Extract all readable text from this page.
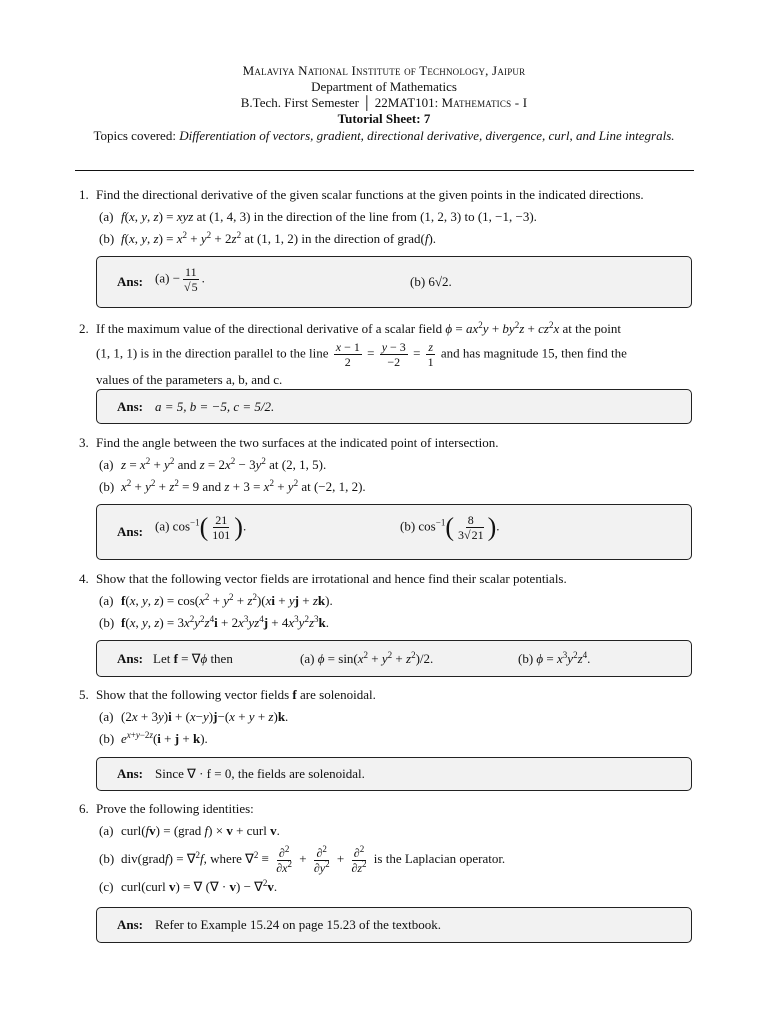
Malaviya National Institute of Technology, Jaipur
Department of Mathematics
B.Tech. First Semester │ 22MAT101: Mathematics - I
Tutorial Sheet: 7
Topics covered: Differentiation of vectors, gradient, directional derivative, divergence, curl, and Line integrals.
1. Find the directional derivative of the given scalar functions at the given points in the indicated directions.
(a) f(x, y, z) = xyz at (1, 4, 3) in the direction of the line from (1, 2, 3) to (1, −1, −3).
(b) f(x, y, $z) = x^2 + y^2 + 2z^2$ at (1, 1, 2) in the direction of grad(f).
Ans: $(a) - \frac{11}{√5}$ .	(b) 6√2.
2. If the maximum value of the directional derivative of a scalar field $\phi = ax^2y + by^2z + cz^2x$ at the point
(1, 1, 1) is in the direction parallel to the line $\frac{x - 1}{2} = \frac{y - 3}{-2} = \frac{z}{1}$ and has magnitude 15, then find the
values of the parameters a, b, and c.
Ans: a = 5, b = −5, c = 5/2.
3. Find the angle between the two surfaces at the indicated point of intersection.
(a) $z = x^2 + y^2$ and $z = 2x^2 - 3y^2$ at (2, 1, 5).
(b) $x^2 + y^2 + z^2 = 9$ and $z + 3 = x^2 + y^2$ at (−2, 1, 2).
Ans: (a) $\cos^{-1}( \frac{21}{101}$ ).	(b) $\cos^{-1}( \frac{8}{3√21}$ ).
4. Show that the following vector fields are irrotational and hence find their scalar potentials.
(a) f(x, y, $z) = \cos(x^2 + y^2 + z^2)(xi$ + yj + zk).
(b) f(x, y, $z) = 3x^2y^2z^4i + 2x^3yz^4j + 4x^3y^2z^3k$.
Ans: Let f = ∇ϕ then	(a) $\phi = \sin(x^2 + y^2 + z^2)/2$.	(b) $\phi = x^3y^2z^4$.
5. Show that the following vector fields f are solenoidal.
(a) (2x + 3y)i + (x−y)j−(x + y + z)k.
(b) $e^{x+y-2z}(i + j + k)$.
Ans: Since ∇ · f = 0, the fields are solenoidal.
6. Prove the following identities:
(a) curl(fv) = (grad f) × v + curl v.
(b) div(gradf) = ∇$^2$f, where $\nabla^2 \equiv \frac{\partial^2}{\partial x^2} + \frac{\partial^2}{\partial y^2} + \frac{\partial^2}{\partial z^2}$ is the Laplacian operator.
(c) curl(curl v) = ∇ (∇ · v) − ∇$^2$v.
Ans: Refer to Example 15.24 on page 15.23 of the textbook.
